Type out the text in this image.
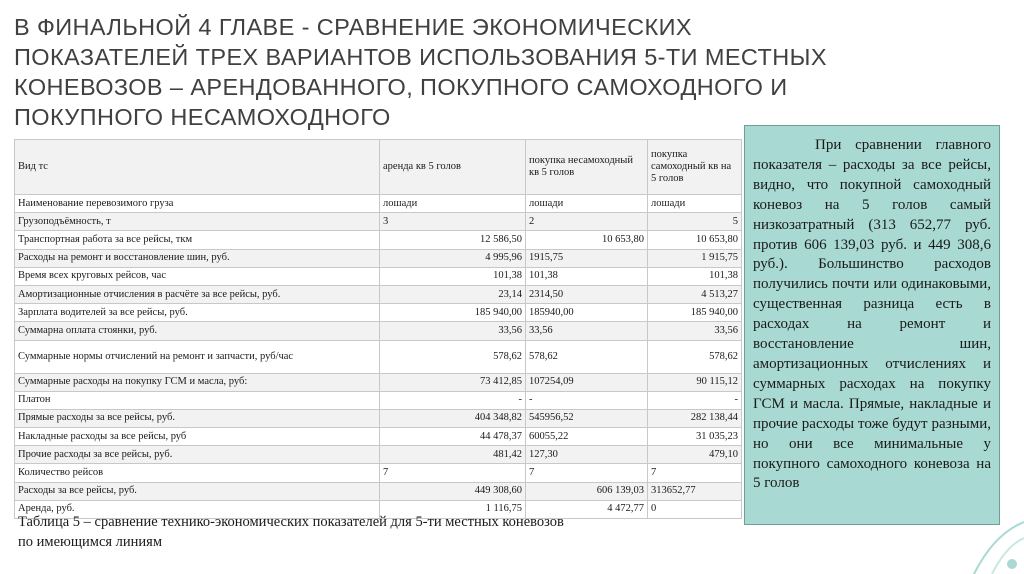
В ФИНАЛЬНОЙ 4 ГЛАВЕ - СРАВНЕНИЕ ЭКОНОМИЧЕСКИХ
ПОКАЗАТЕЛЕЙ ТРЕХ ВАРИАНТОВ ИСПОЛЬЗОВАНИЯ 5-ТИ МЕСТНЫХ
КОНЕВОЗОВ – АРЕНДОВАННОГО, ПОКУПНОГО САМОХОДНОГО И
ПОКУПНОГО НЕСАМОХОДНОГО
Вид тс	аренда кв 5 голов	покупка несамоходный кв 5 голов	покупка самоходный кв на 5 голов
Наименование перевозимого груза	лошади	лошади	лошади
Грузоподъёмность, т	3	2	5
Транспортная работа за все рейсы, ткм	12 586,50	10 653,80	10 653,80
Расходы на ремонт и восстановление шин, руб.	4 995,96	1915,75	1 915,75
Время всех круговых рейсов, час	101,38	101,38	101,38
Амортизационные отчисления в расчёте за все рейсы, руб.	23,14	2314,50	4 513,27
Зарплата водителей за все рейсы, руб.	185 940,00	185940,00	185 940,00
Суммарна оплата стоянки, руб.	33,56	33,56	33,56
Суммарные нормы отчислений на ремонт и запчасти, руб/час	578,62	578,62	578,62
Суммарные расходы на покупку ГСМ и масла, руб:	73 412,85	107254,09	90 115,12
Платон	-	-	-
Прямые расходы за все рейсы, руб.	404 348,82	545956,52	282 138,44
Накладные расходы за все рейсы, руб	44 478,37	60055,22	31 035,23
Прочие расходы за все рейсы, руб.	481,42	127,30	479,10
Количество рейсов	7	7	7
Расходы за все рейсы, руб.	449 308,60	606 139,03	313652,77
Аренда, руб.	1 116,75	4 472,77	0

При сравнении главного показателя – расходы за все рейсы, видно, что покупной самоходный коневоз на 5 голов самый низкозатратный (313 652,77 руб. против 606 139,03 руб. и 449 308,6 руб.). Большинство расходов получились почти или одинаковыми, существенная разница есть в расходах на ремонт и восстановление шин, амортизационных отчислениях и суммарных расходах на покупку ГСМ и масла. Прямые, накладные и прочие расходы тоже будут разными, но они все минимальные у покупного самоходного коневоза на 5 голов

Таблица 5 – сравнение технико-экономических показателей для 5-ти местных коневозов
по имеющимся линиям
